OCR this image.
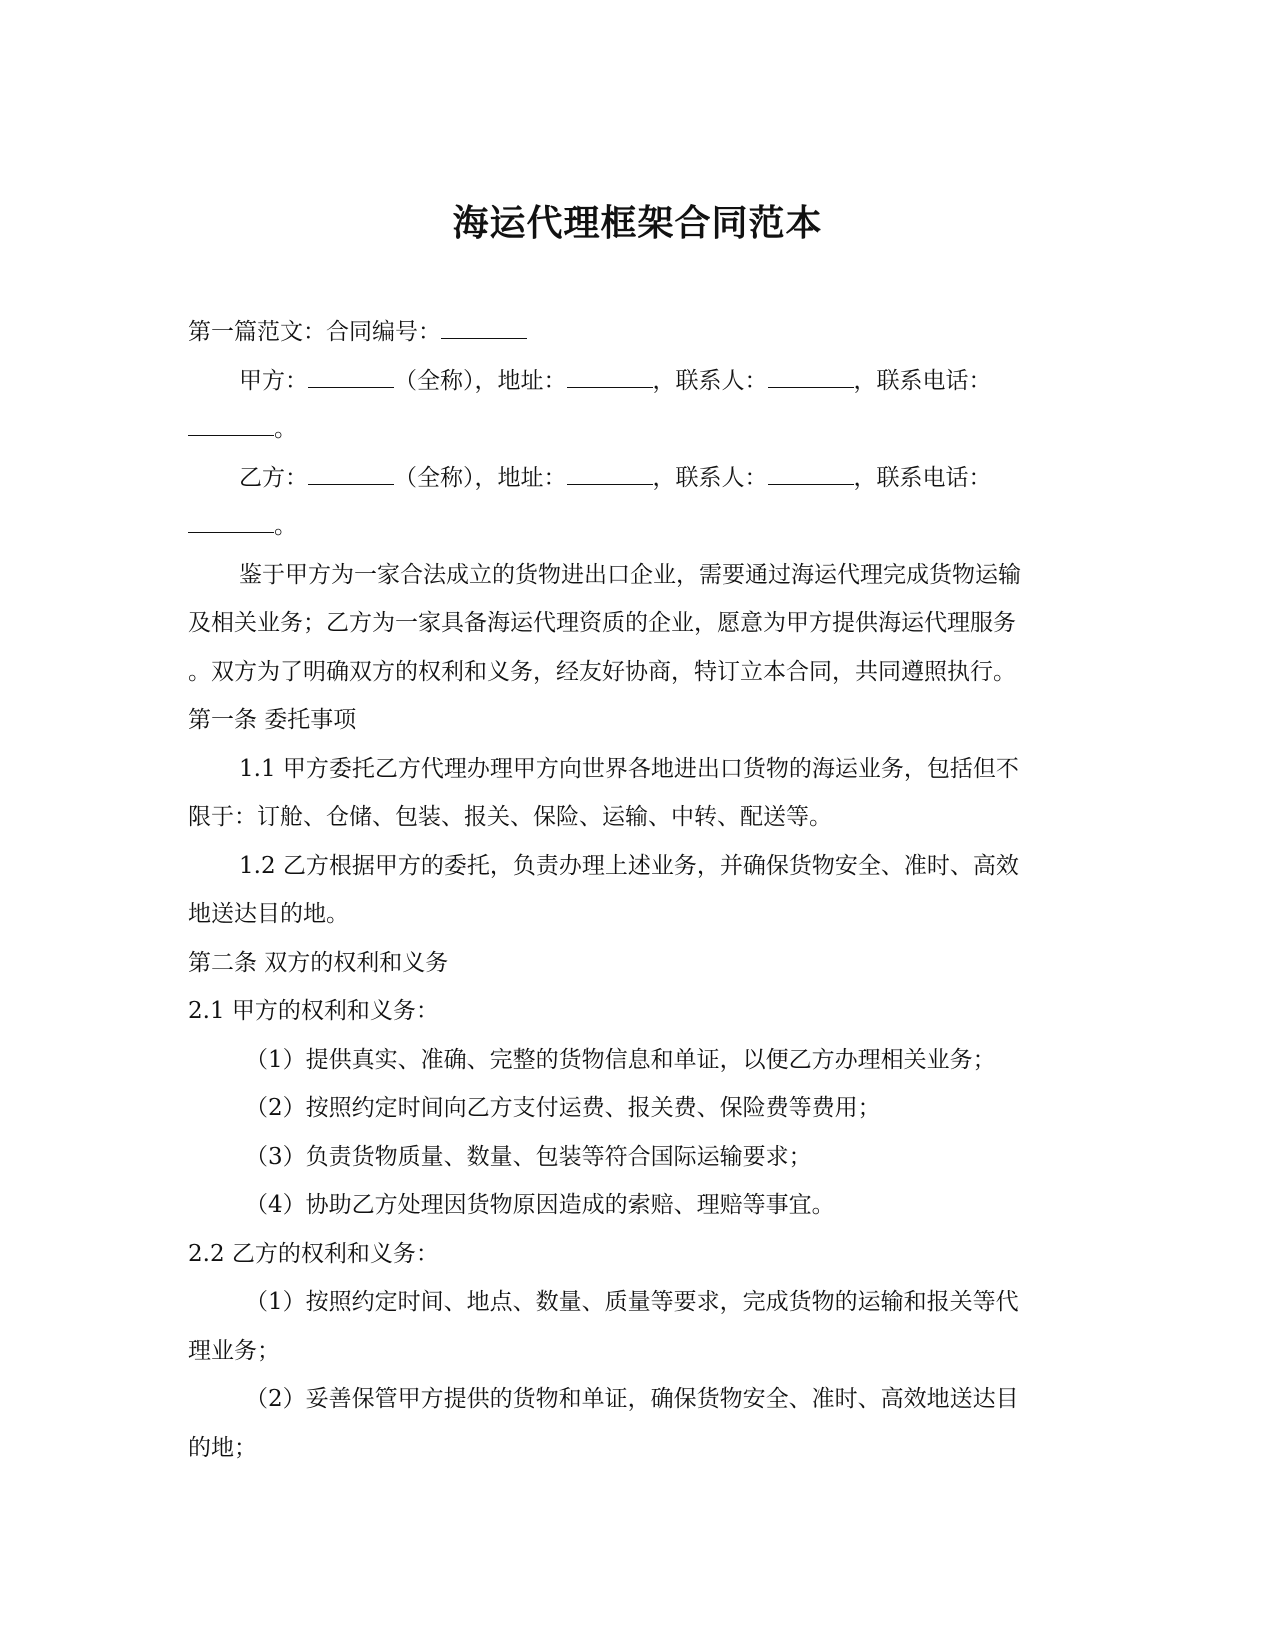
海运代理框架合同范本
第一篇范文：合同编号：
甲方：	（全称），地址：	，联系人：	，联系电话：
。
乙方：	（全称），地址：	，联系人：	，联系电话：
。
鉴于甲方为一家合法成立的货物进出口企业，需要通过海运代理完成货物运输
及相关业务；乙方为一家具备海运代理资质的企业，愿意为甲方提供海运代理服务
。双方为了明确双方的权利和义务，经友好协商，特订立本合同，共同遵照执行。
第一条 委托事项
1.1 甲方委托乙方代理办理甲方向世界各地进出口货物的海运业务，包括但不
限于：订舱、仓储、包装、报关、保险、运输、中转、配送等。
1.2 乙方根据甲方的委托，负责办理上述业务，并确保货物安全、准时、高效
地送达目的地。
第二条 双方的权利和义务
2.1 甲方的权利和义务：
（1）提供真实、准确、完整的货物信息和单证，以便乙方办理相关业务；
（2）按照约定时间向乙方支付运费、报关费、保险费等费用；
（3）负责货物质量、数量、包装等符合国际运输要求；
（4）协助乙方处理因货物原因造成的索赔、理赔等事宜。
2.2 乙方的权利和义务：
（1）按照约定时间、地点、数量、质量等要求，完成货物的运输和报关等代
理业务；
（2）妥善保管甲方提供的货物和单证，确保货物安全、准时、高效地送达目
的地；
